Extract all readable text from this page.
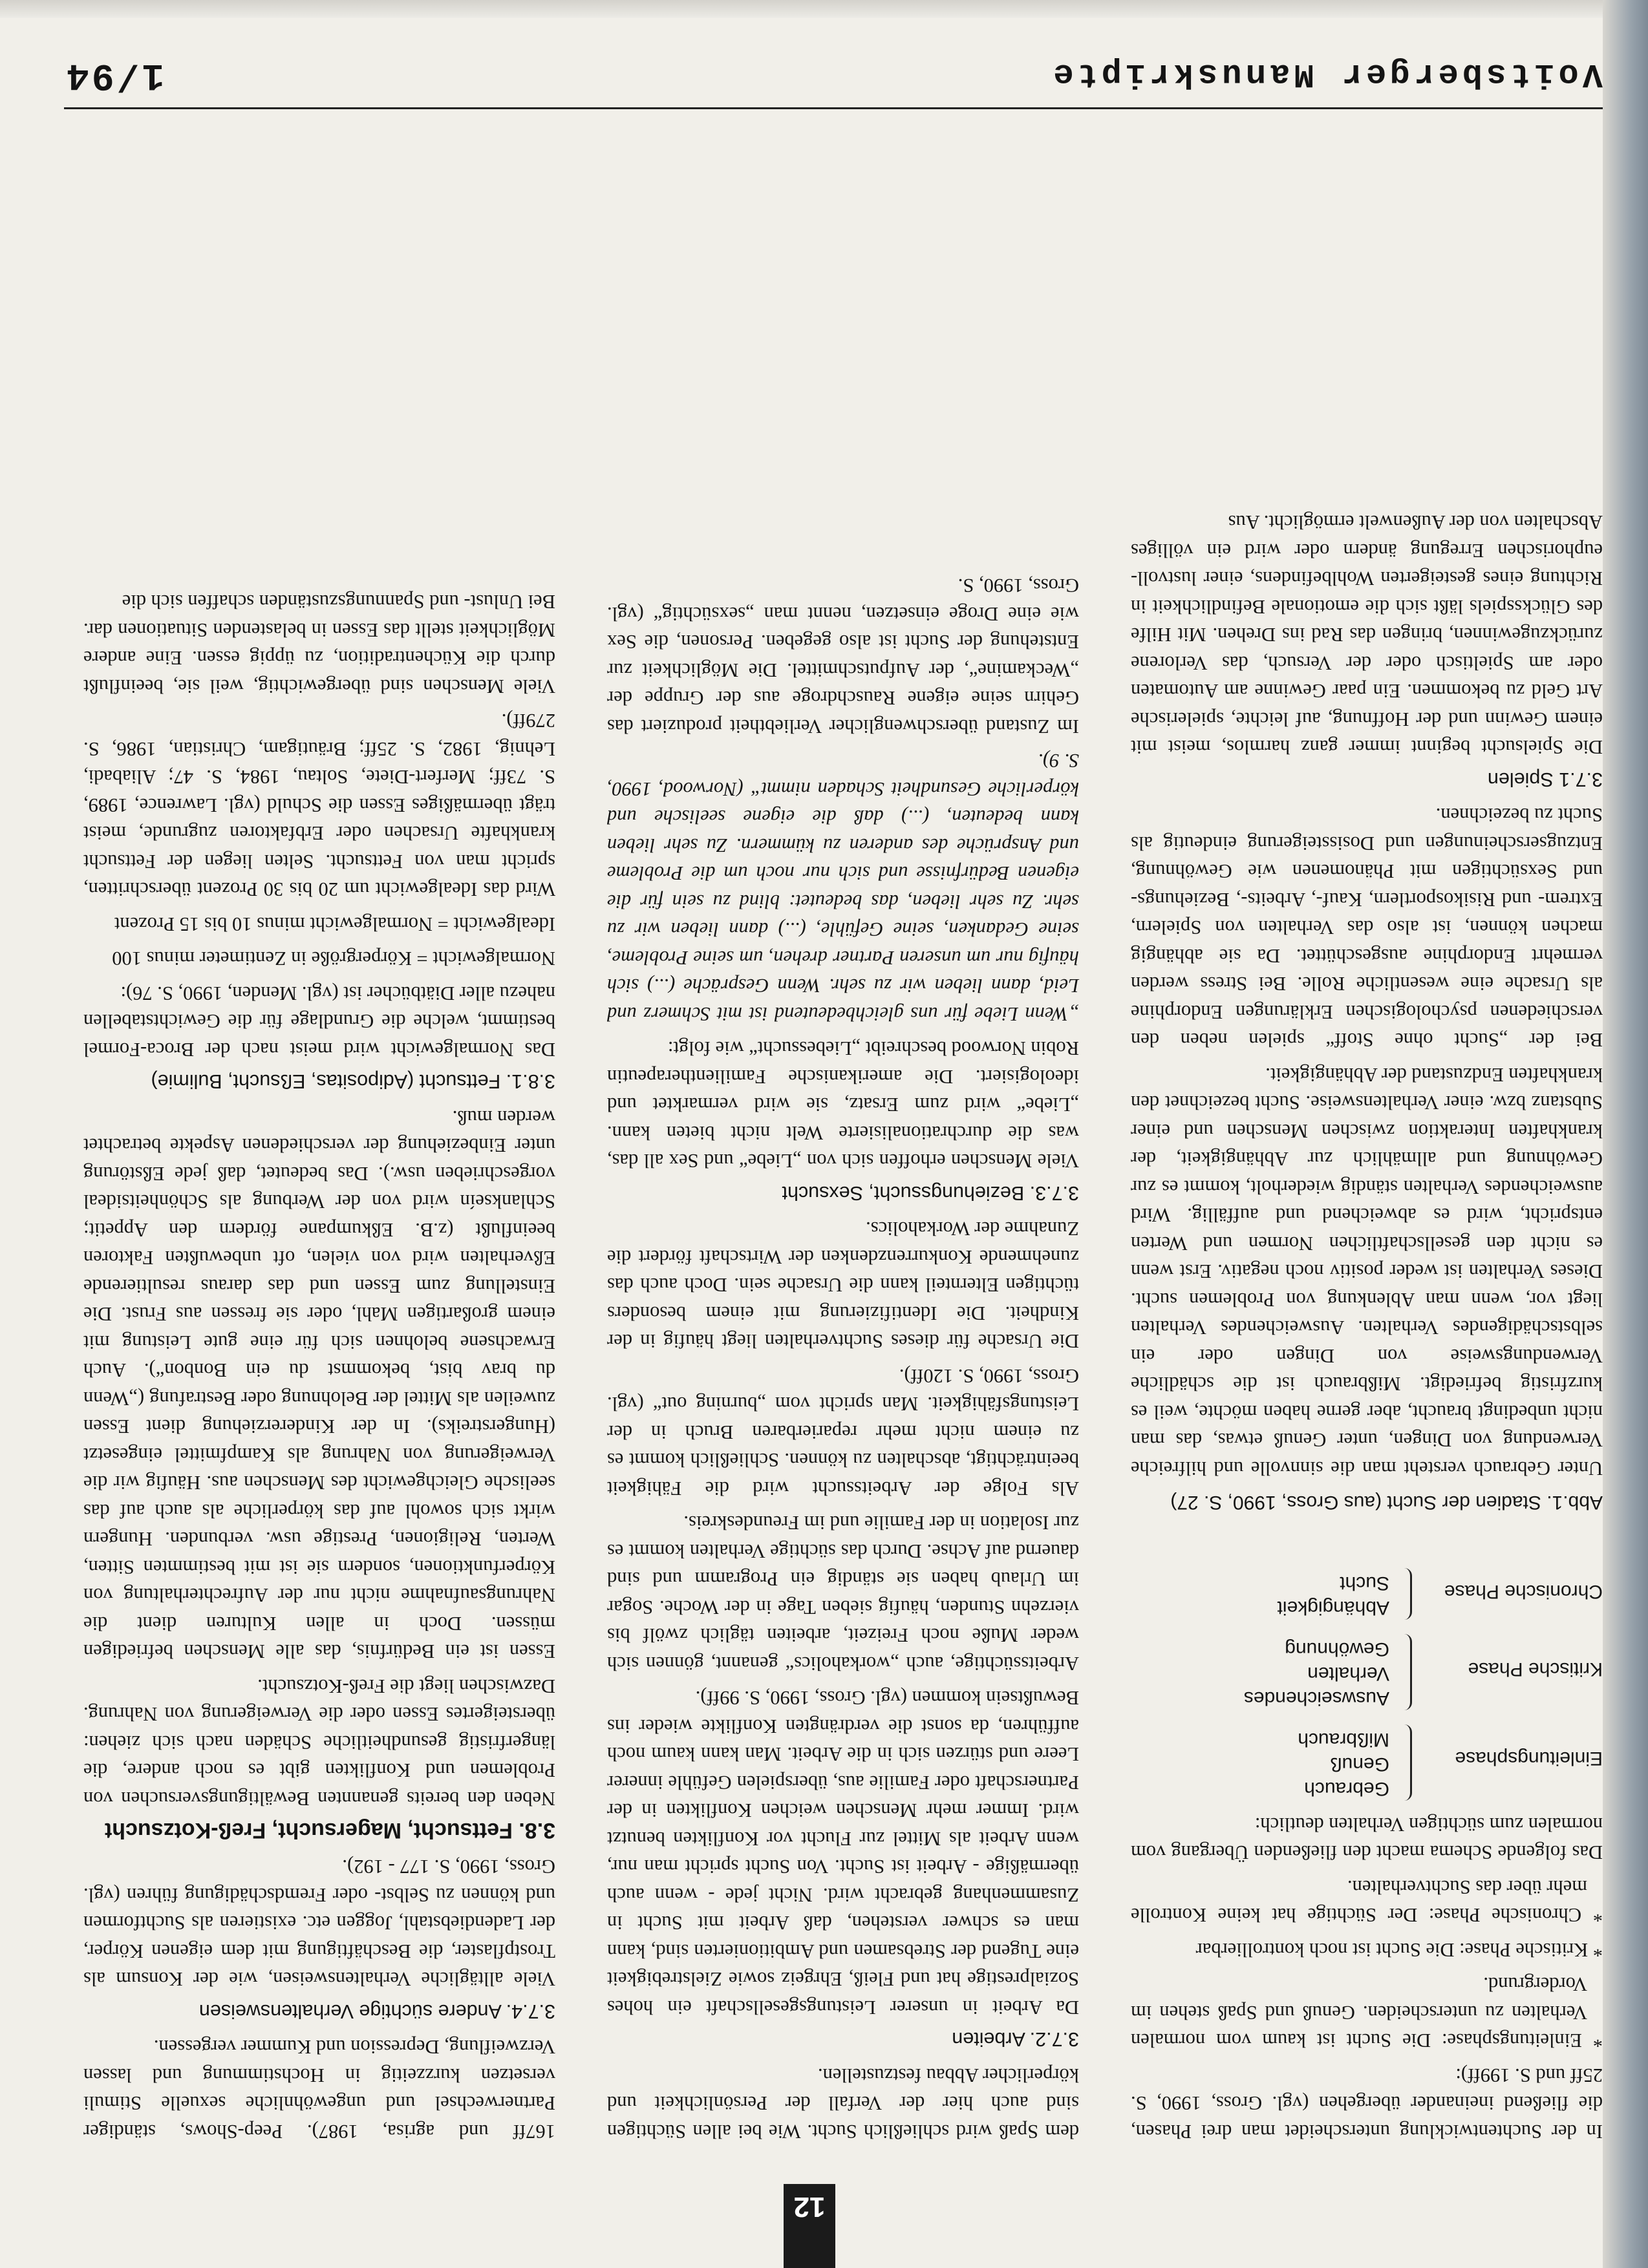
12

In der Suchtentwicklung unterscheidet man drei Phasen, die fließend ineinander übergehen (vgl. Gross, 1990, S. 25ff und S. 199ff):

* Einleitungsphase: Die Sucht ist kaum vom normalen Verhalten zu unterscheiden. Genuß und Spaß stehen im Vordergrund.

* Kritische Phase: Die Sucht ist noch kontrollierbar

* Chronische Phase: Der Süchtige hat keine Kontrolle mehr über das Suchtverhalten.

Das folgende Schema macht den fließenden Übergang vom normalen zum süchtigen Verhalten deutlich:

Einleitungsphase
Gebrauch
Genuß
Mißbrauch
Kritische Phase
Auswseichendes
Verhalten
Gewöhnung
Chronische Phase
Abhängigkeit
Sucht

Abb.1. Stadien der Sucht (aus Gross, 1990, S. 27)

Unter Gebrauch versteht man die sinnvolle und hilfreiche Verwendung von Dingen, unter Genuß etwas, das man nicht unbedingt braucht, aber gerne haben möchte, weil es kurzfristig befriedigt. Mißbrauch ist die schädliche Verwendungsweise von Dingen oder ein selbstschädigendes Verhalten. Ausweichendes Verhalten liegt vor, wenn man Ablenkung von Problemen sucht. Dieses Verhalten ist weder positiv noch negativ. Erst wenn es nicht den gesellschaftlichen Normen und Werten entspricht, wird es abweichend und auffällig. Wird ausweichendes Verhalten ständig wiederholt, kommt es zur Gewöhnung und allmählich zur Abhängigkeit, der krankhaften Interaktion zwischen Menschen und einer Substanz bzw. einer Verhaltensweise. Sucht bezeichnet den krankhaften Endzustand der Abhängigkeit.

Bei der „Sucht ohne Stoff“ spielen neben den verschiedenen psychologischen Erklärungen Endorphine als Ursache eine wesentliche Rolle. Bei Stress werden vermehrt Endorphine ausgeschüttet. Da sie abhängig machen können, ist also das Verhalten von Spielern, Extrem- und Risikosportlern, Kauf-, Arbeits-, Beziehungs- und Sexsüchtigen mit Phänomenen wie Gewöhnung, Entzugserscheinungen und Dosissteigerung eindeutig als Sucht zu bezeichnen.

3.7.1 Spielen

Die Spielsucht beginnt immer ganz harmlos, meist mit einem Gewinn und der Hoffnung, auf leichte, spielerische Art Geld zu bekommen. Ein paar Gewinne am Automaten oder am Spieltisch oder der Versuch, das Verlorene zurückzugewinnen, bringen das Rad ins Drehen. Mit Hilfe des Glücksspiels läßt sich die emotionale Befindlichkeit in Richtung eines gesteigerten Wohlbefindens, einer lustvoll-euphorischen Erregung ändern oder wird ein völliges Abschalten von der Außenwelt ermöglicht. Aus

dem Spaß wird schließlich Sucht. Wie bei allen Süchtigen sind auch hier der Verfall der Persönlichkeit und körperlicher Abbau festzustellen.

3.7.2. Arbeiten

Da Arbeit in unserer Leistungsgesellschaft ein hohes Sozialprestige hat und Fleiß, Ehrgeiz sowie Zielstrebigkeit eine Tugend der Strebsamen und Ambitionierten sind, kann man es schwer verstehen, daß Arbeit mit Sucht in Zusammenhang gebracht wird. Nicht jede - wenn auch übermäßige - Arbeit ist Sucht. Von Sucht spricht man nur, wenn Arbeit als Mittel zur Flucht vor Konflikten benutzt wird. Immer mehr Menschen weichen Konflikten in der Partnerschaft oder Familie aus, überspielen Gefühle innerer Leere und stürzen sich in die Arbeit. Man kann kaum noch aufführen, da sonst die verdrängten Konflikte wieder ins Bewußtsein kommen (vgl. Gross, 1990, S. 99ff).

Arbeitssüchtige, auch „workaholics“ genannt, gönnen sich weder Muße noch Freizeit, arbeiten täglich zwölf bis vierzehn Stunden, häufig sieben Tage in der Woche. Sogar im Urlaub haben sie ständig ein Programm und sind dauernd auf Achse. Durch das süchtige Verhalten kommt es zur Isolation in der Familie und im Freundeskreis.

Als Folge der Arbeitssucht wird die Fähigkeit beeinträchtigt, abschalten zu können. Schließlich kommt es zu einem nicht mehr reparierbaren Bruch in der Leistungsfähigkeit. Man spricht vom „burning out“ (vgl. Gross, 1990, S. 120ff).

Die Ursache für dieses Suchtverhalten liegt häufig in der Kindheit. Die Identifizierung mit einem besonders tüchtigen Elternteil kann die Ursache sein. Doch auch das zunehmende Konkurrenzdenken der Wirtschaft fördert die Zunahme der Workaholics.

3.7.3. Beziehungssucht, Sexsucht

Viele Menschen erhoffen sich von „Liebe“ und Sex all das, was die durchrationalisierte Welt nicht bieten kann. „Liebe“ wird zum Ersatz, sie wird vermarktet und ideologisiert. Die amerikanische Familientherapeutin Robin Norwood beschreibt „Liebessucht“ wie folgt:

„Wenn Liebe für uns gleichbedeutend ist mit Schmerz und Leid, dann lieben wir zu sehr. Wenn Gespräche (...) sich häufig nur um unseren Partner drehen, um seine Probleme, seine Gedanken, seine Gefühle, (...) dann lieben wir zu sehr. Zu sehr lieben, das bedeutet: blind zu sein für die eigenen Bedürfnisse und sich nur noch um die Probleme und Ansprüche des anderen zu kümmern. Zu sehr lieben kann bedeuten, (...) daß die eigene seelische und körperliche Gesundheit Schaden nimmt“ (Norwood, 1990, S. 9).

Im Zustand überschwenglicher Verliebtheit produziert das Gehirn seine eigene Rauschdroge aus der Gruppe der „Weckamine“, der Aufputschmittel. Die Möglichkeit zur Entstehung der Sucht ist also gegeben. Personen, die Sex wie eine Droge einsetzen, nennt man „sexsüchtig“ (vgl. Gross, 1990, S.

167ff und agrisa, 1987). Peep-Shows, ständiger Partnerwechsel und ungewöhnliche sexuelle Stimuli versetzen kurzzeitig in Hochstimmung und lassen Verzweiflung, Depression und Kummer vergessen.

3.7.4. Andere süchtige Verhaltensweisen

Viele alltägliche Verhaltensweisen, wie der Konsum als Trostpflaster, die Beschäftigung mit dem eigenen Körper, der Ladendiebstahl, Joggen etc. existieren als Suchtformen und können zu Selbst- oder Fremdschädigung führen (vgl. Gross, 1990, S. 177 - 192).

3.8. Fettsucht, Magersucht, Freß-Kotzsucht

Neben den bereits genannten Bewältigungsversuchen von Problemen und Konflikten gibt es noch andere, die längerfristig gesundheitliche Schäden nach sich ziehen: übersteigertes Essen oder die Verweigerung von Nahrung. Dazwischen liegt die Freß-Kotzsucht.

Essen ist ein Bedürfnis, das alle Menschen befriedigen müssen. Doch in allen Kulturen dient die Nahrungsaufnahme nicht nur der Aufrechterhaltung von Körperfunktionen, sondern sie ist mit bestimmten Sitten, Werten, Religionen, Prestige usw. verbunden. Hungern wirkt sich sowohl auf das körperliche als auch auf das seelische Gleichgewicht des Menschen aus. Häufig wir die Verweigerung von Nahrung als Kampfmittel eingesetzt (Hungerstreiks). In der Kindererziehung dient Essen zuweilen als Mittel der Belohnung oder Bestrafung („Wenn du brav bist, bekommst du ein Bonbon“). Auch Erwachsene belohnen sich für eine gute Leistung mit einem großartigen Mahl, oder sie fressen aus Frust. Die Einstellung zum Essen und das daraus resultierende Eßverhalten wird von vielen, oft unbewußten Faktoren beeinflußt (z.B. Eßkumpane fördern den Appetit; Schlankseín wird von der Werbung als Schönheitsideal vorgeschrieben usw.). Das bedeutet, daß jede Eßstörung unter Einbeziehung der verschiedenen Aspekte betrachtet werden muß.

3.8.1. Fettsucht (Adipositas, Eßsucht, Bulimie)

Das Normalgewicht wird meist nach der Broca-Formel bestimmt, welche die Grundlage für die Gewichtstabellen nahezu aller Diätbücher ist (vgl. Menden, 1990, S. 76):

Normalgewicht = Körpergröße in Zentimeter minus 100

Idealgewicht = Normalgewicht minus 10 bis 15 Prozent

Wird das Idealgewicht um 20 bis 30 Prozent überschritten, spricht man von Fettsucht. Selten liegen der Fettsucht krankhafte Ursachen oder Erbfaktoren zugrunde, meist trägt übermäßiges Essen die Schuld (vgl. Lawrence, 1989, S. 73ff; Merfert-Diete, Soltau, 1984, S. 47; Aliabadi, Lehnig, 1982, S. 25ff; Bräutigam, Christian, 1986, S. 279ff).

Viele Menschen sind übergewichtig, weil sie, beeinflußt durch die Küchentradition, zu üppig essen. Eine andere Möglichkeit stellt das Essen in belastenden Situationen dar. Bei Unlust- und Spannungszuständen schaffen sich die

Voitsberger Manuskripte
1/94
